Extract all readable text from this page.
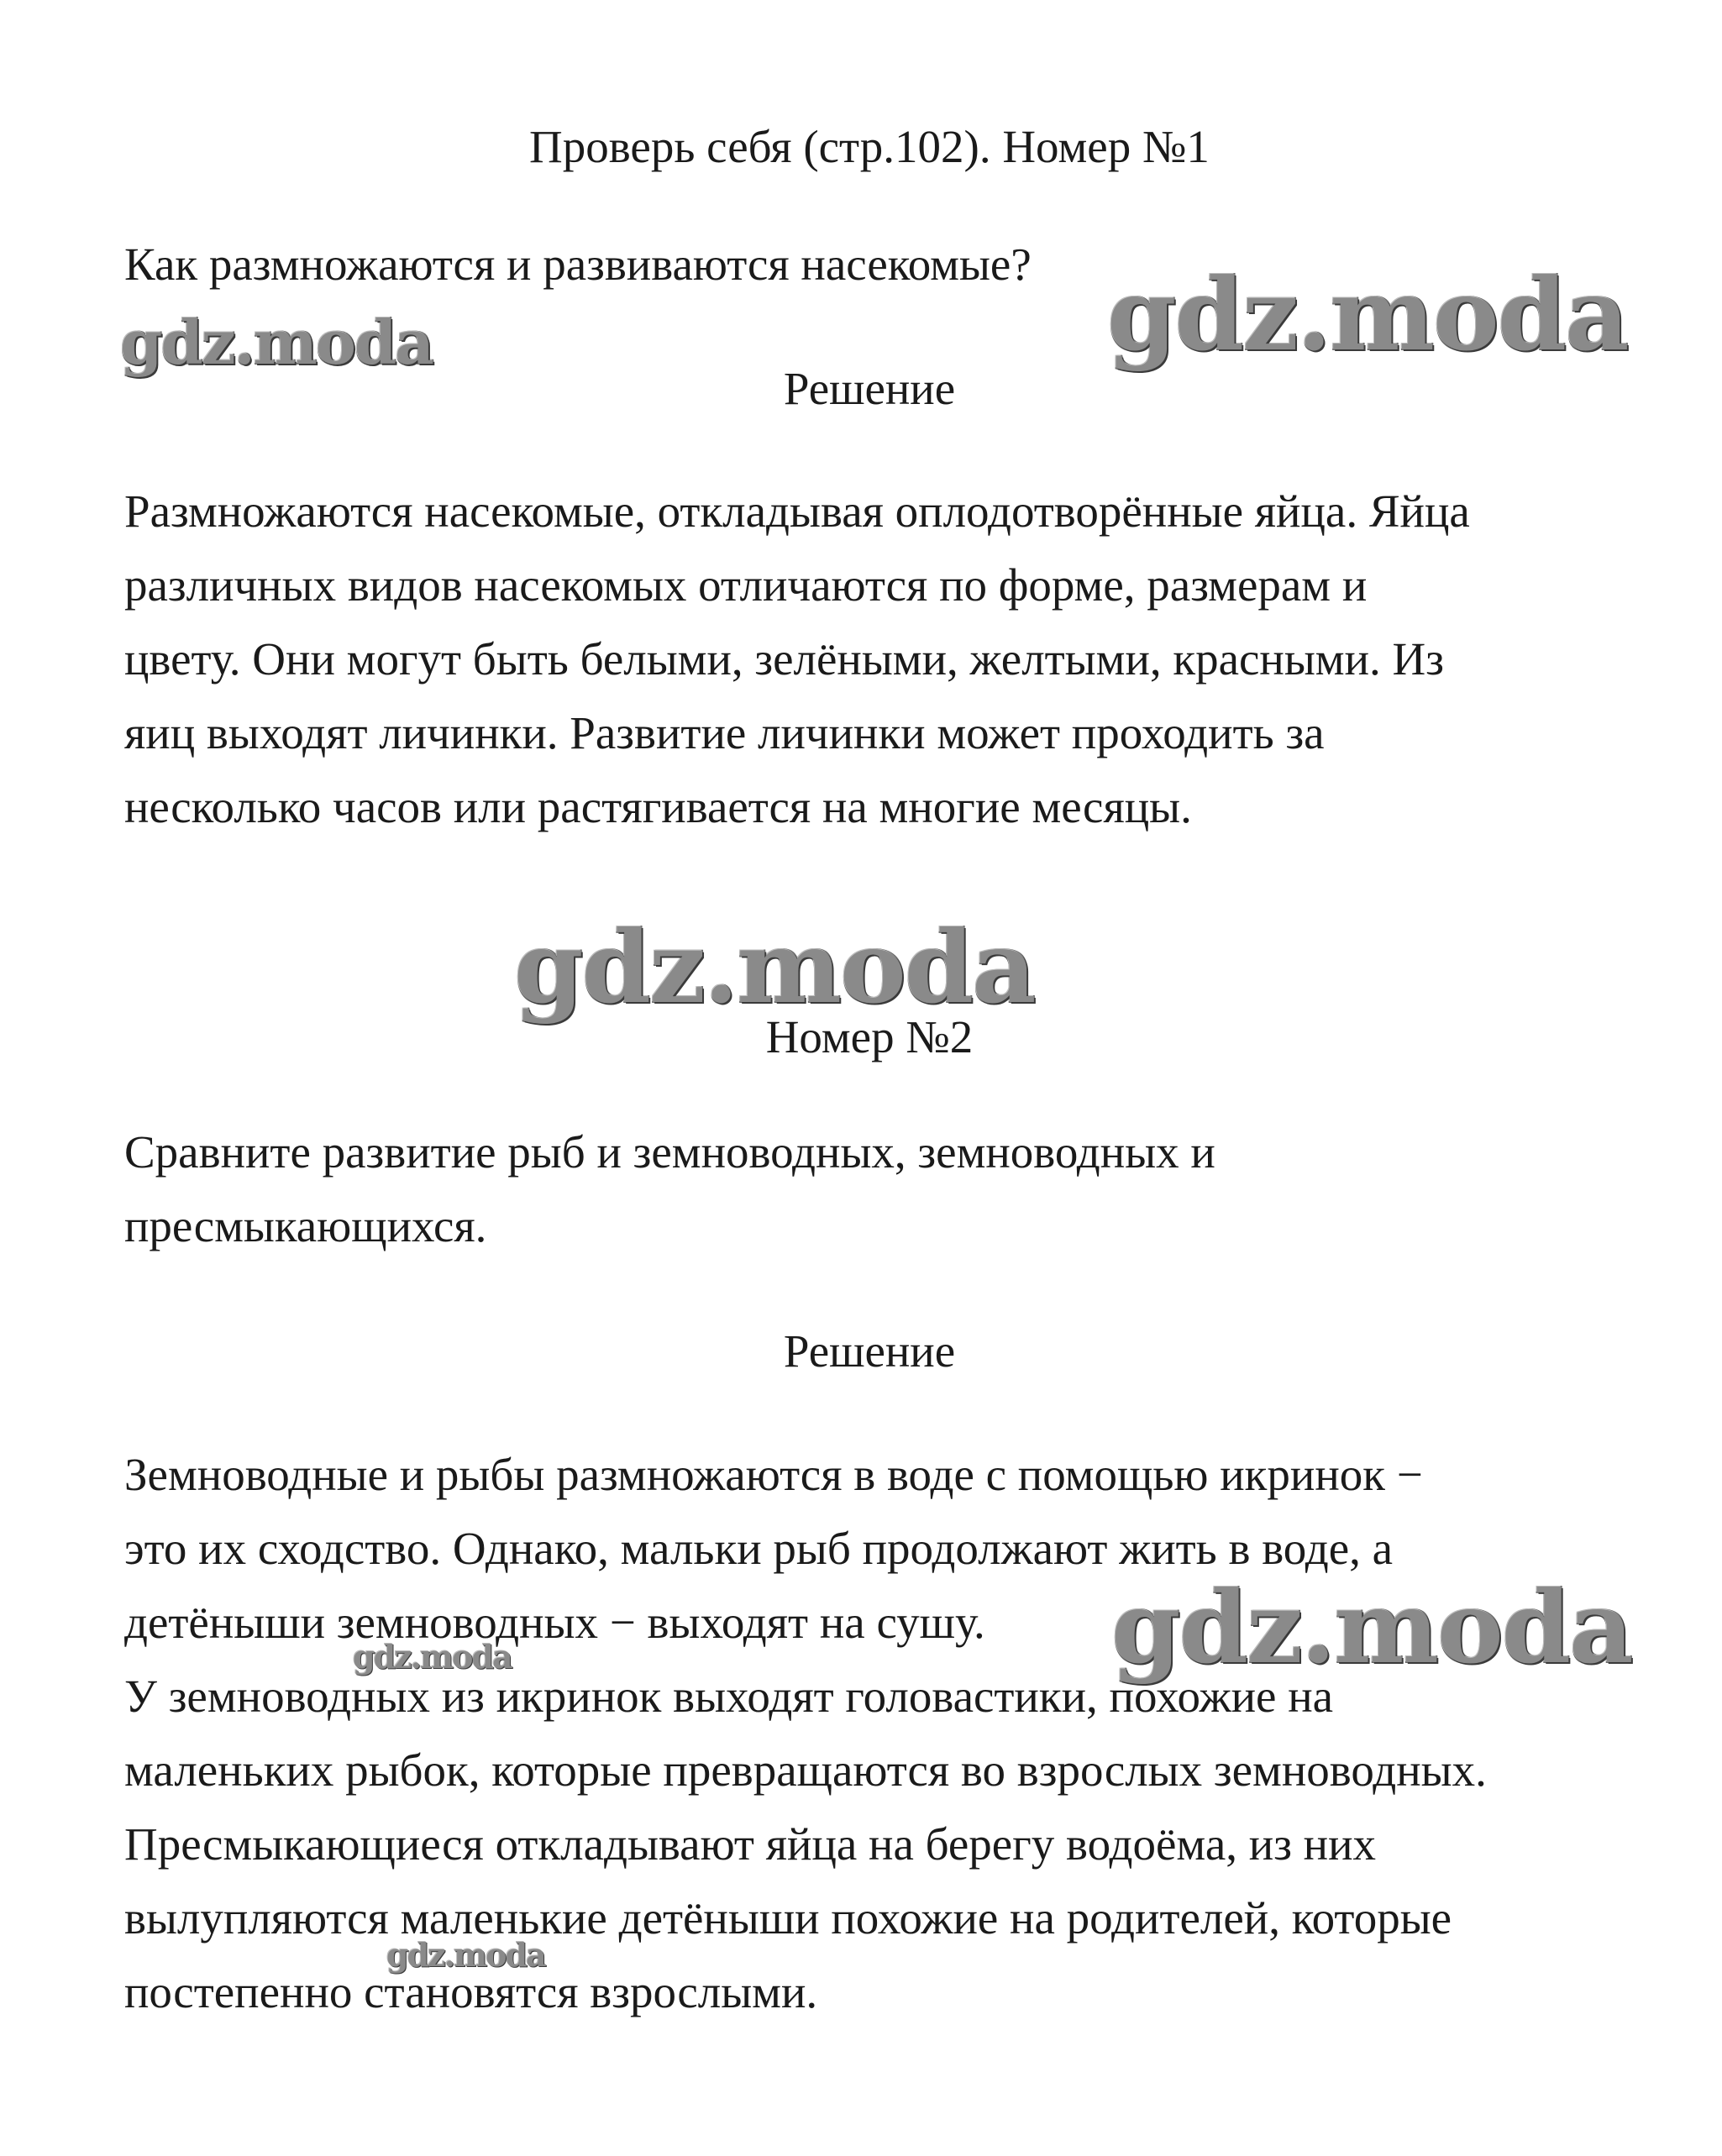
Проверь себя (стр.102). Номер №1
Как размножаются и развиваются насекомые?
Решение
Размножаются насекомые, откладывая оплодотворённые яйца. Яйца
различных видов насекомых отличаются по форме, размерам и
цвету. Они могут быть белыми, зелёными, желтыми, красными. Из
яиц выходят личинки. Развитие личинки может проходить за
несколько часов или растягивается на многие месяцы.
Номер №2
Сравните развитие рыб и земноводных, земноводных и
пресмыкающихся.
Решение
Земноводные и рыбы размножаются в воде с помощью икринок −
это их сходство. Однако, мальки рыб продолжают жить в воде, а
детёныши земноводных − выходят на сушу.
У земноводных из икринок выходят головастики, похожие на
маленьких рыбок, которые превращаются во взрослых земноводных.
Пресмыкающиеся откладывают яйца на берегу водоёма, из них
вылупляются маленькие детёныши похожие на родителей, которые
постепенно становятся взрослыми.
gdz.moda	gdz.moda
gdz.moda
gdz.moda
gdz.moda
gdz.moda
